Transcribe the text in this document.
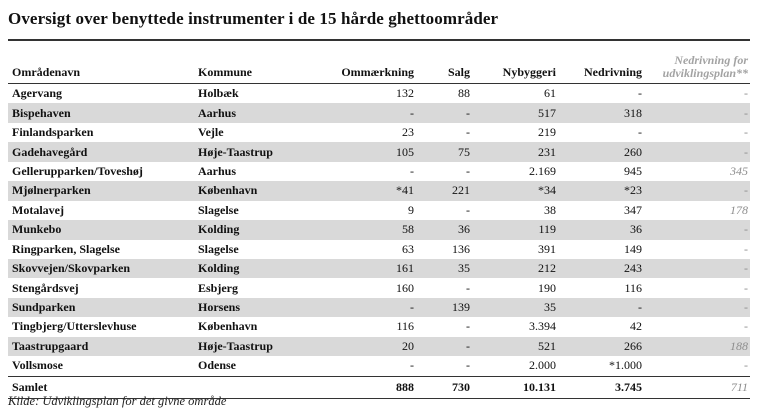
Oversigt over benyttede instrumenter i de 15 hårde ghettoområder
Områdenavn	Kommune	Ommærkning	Salg	Nybyggeri	Nedrivning	Nedrivning for
udviklingsplan**
Agervang	Holbæk	132	88	61	-	-
Bispehaven	Aarhus	-	-	517	318	-
Finlandsparken	Vejle	23	-	219	-	-
Gadehavegård	Høje-Taastrup	105	75	231	260	-
Gellerupparken/Toveshøj	Aarhus	-	-	2.169	945	345
Mjølnerparken	København	*41	221	*34	*23	-
Motalavej	Slagelse	9	-	38	347	178
Munkebo	Kolding	58	36	119	36	-
Ringparken, Slagelse	Slagelse	63	136	391	149	-
Skovvejen/Skovparken	Kolding	161	35	212	243	-
Stengårdsvej	Esbjerg	160	-	190	116	-
Sundparken	Horsens	-	139	35	-	-
Tingbjerg/Utterslevhuse	København	116	-	3.394	42	-
Taastrupgaard	Høje-Taastrup	20	-	521	266	188
Vollsmose	Odense	-	-	2.000	*1.000	-
Samlet		888	730	10.131	3.745	711
Kilde: Udviklingsplan for det givne område
